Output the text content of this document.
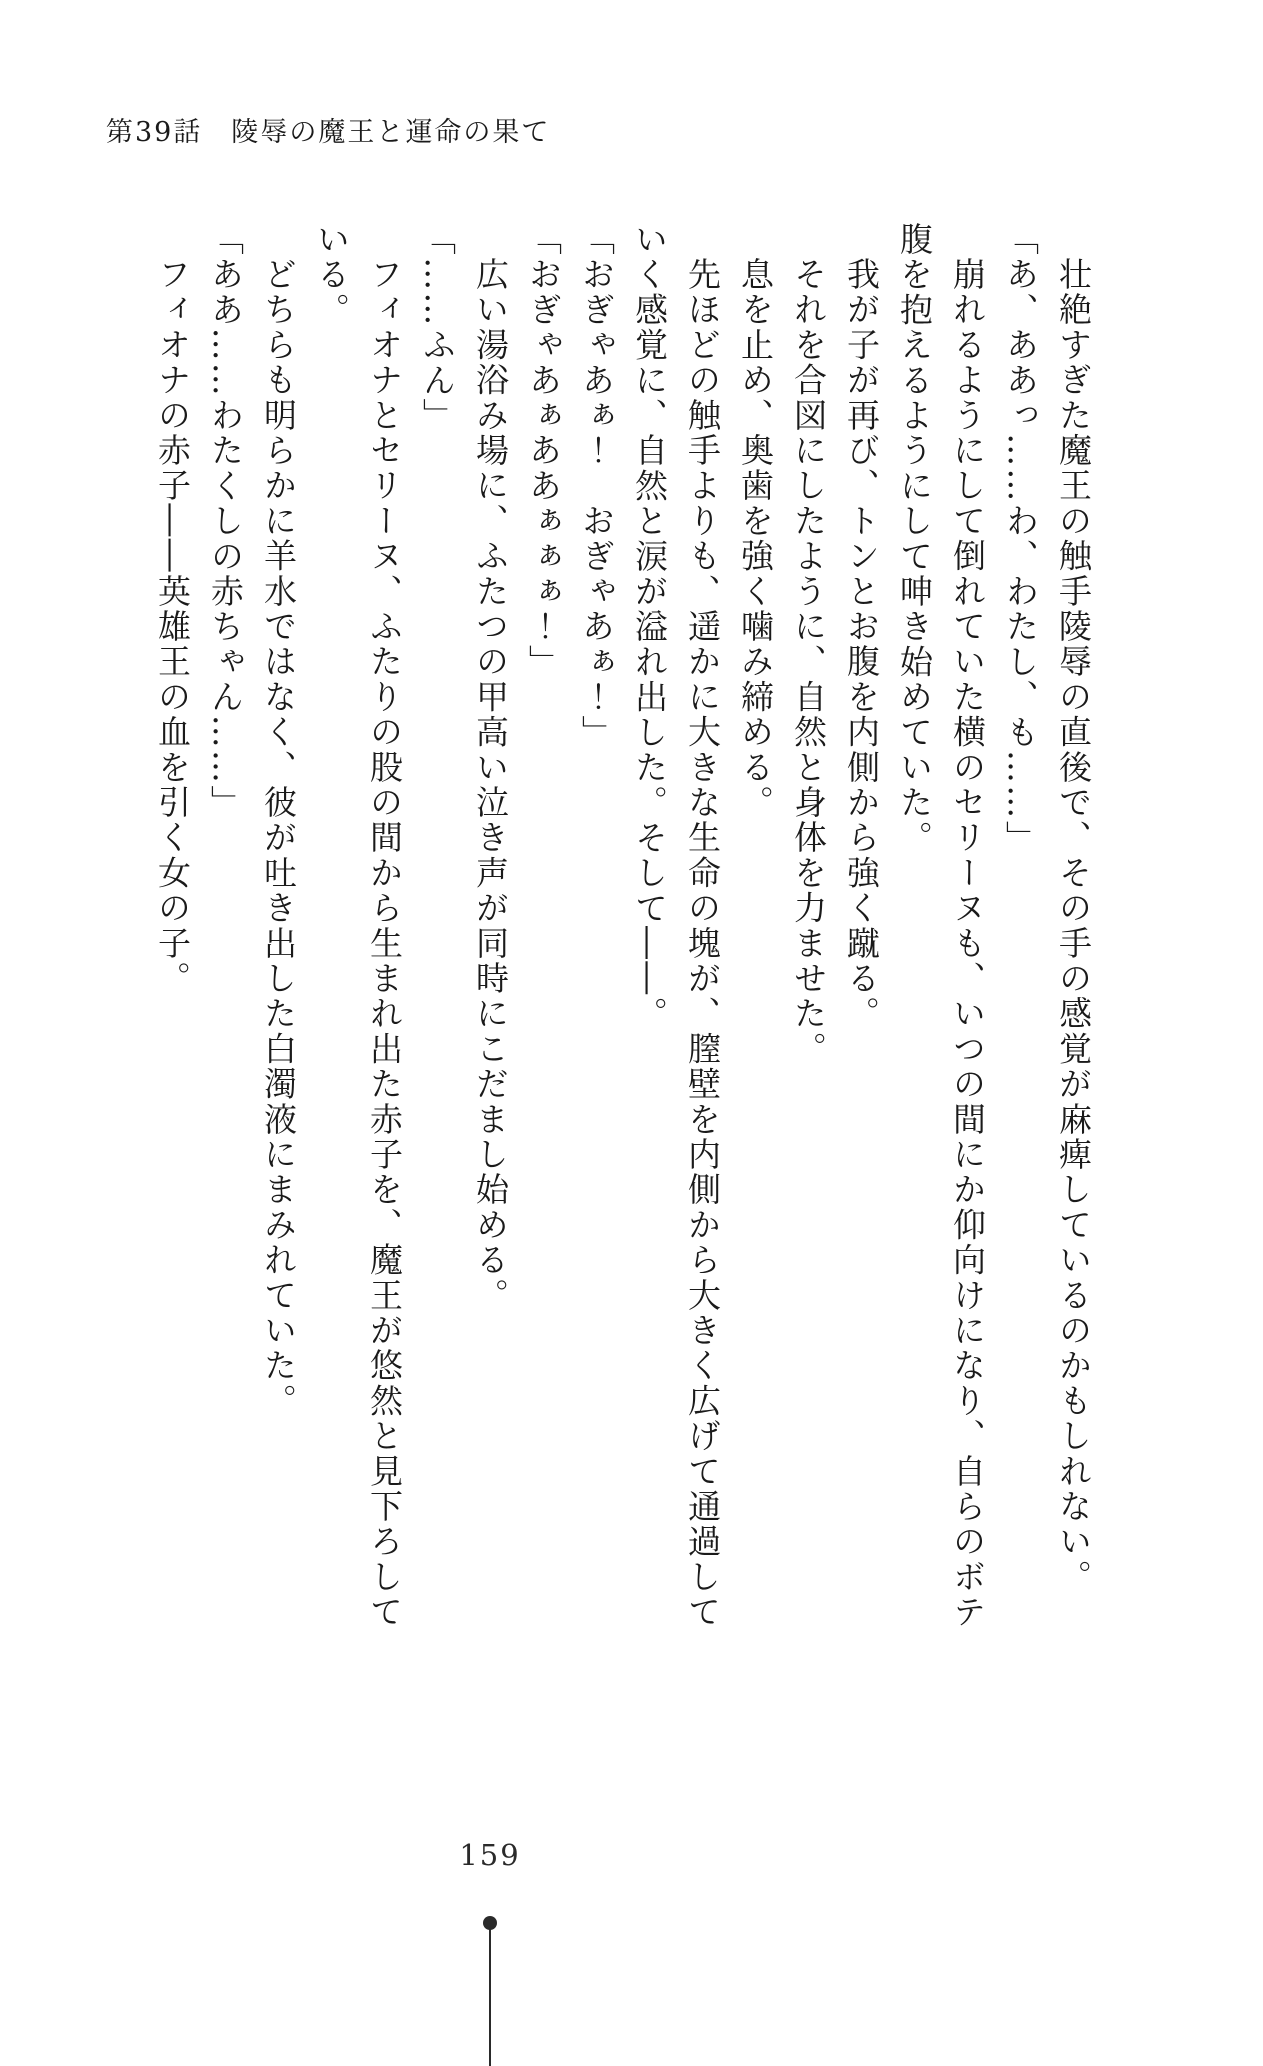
第39話　陵辱の魔王と運命の果て

壮絶すぎた魔王の触手陵辱の直後で、その手の感覚が麻痺しているのかもしれない。

「あ、ああっ……わ、わたし、も……」

崩れるようにして倒れていた横のセリーヌも、いつの間にか仰向けになり、自らのボテ腹を抱えるようにして呻き始めていた。

我が子が再び、トンとお腹を内側から強く蹴る。

それを合図にしたように、自然と身体を力ませた。

息を止め、奥歯を強く噛み締める。

先ほどの触手よりも、遥かに大きな生命の塊が、膣壁を内側から大きく広げて通過していく感覚に、自然と涙が溢れ出した。そして――。

「おぎゃあぁ！　おぎゃあぁ！」

「おぎゃあぁああぁぁぁ！」

広い湯浴み場に、ふたつの甲高い泣き声が同時にこだまし始める。

「……ふん」

フィオナとセリーヌ、ふたりの股の間から生まれ出た赤子を、魔王が悠然と見下ろしている。

どちらも明らかに羊水ではなく、彼が吐き出した白濁液にまみれていた。

「ああ……わたくしの赤ちゃん……」

フィオナの赤子――英雄王の血を引く女の子。

159
